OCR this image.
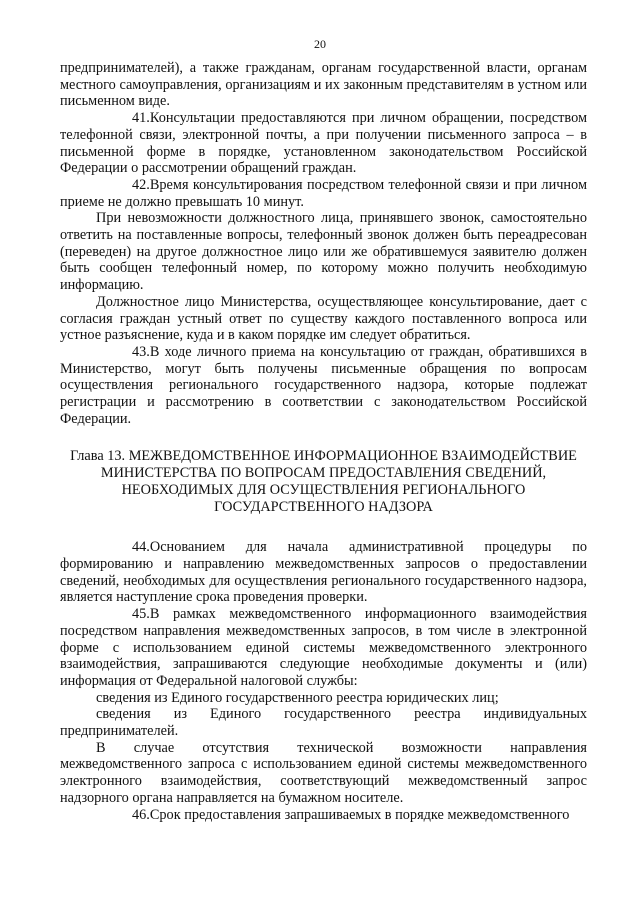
20

предпринимателей), а также гражданам, органам государственной власти, органам местного самоуправления, организациям и их законным представителям в устном или письменном виде.

41.Консультации предоставляются при личном обращении, посредством телефонной связи, электронной почты, а при получении письменного запроса – в письменной форме в порядке, установленном законодательством Российской Федерации о рассмотрении обращений граждан.

42.Время консультирования посредством телефонной связи и при личном приеме не должно превышать 10 минут.

При невозможности должностного лица, принявшего звонок, самостоятельно ответить на поставленные вопросы, телефонный звонок должен быть переадресован (переведен) на другое должностное лицо или же обратившемуся заявителю должен быть сообщен телефонный номер, по которому можно получить необходимую информацию.

Должностное лицо Министерства, осуществляющее консультирование, дает с согласия граждан устный ответ по существу каждого поставленного вопроса или устное разъяснение, куда и в каком порядке им следует обратиться.

43.В ходе личного приема на консультацию от граждан, обратившихся в Министерство, могут быть получены письменные обращения по вопросам осуществления регионального государственного надзора, которые подлежат регистрации и рассмотрению в соответствии с законодательством Российской Федерации.

Глава 13. МЕЖВЕДОМСТВЕННОЕ ИНФОРМАЦИОННОЕ ВЗАИМОДЕЙСТВИЕ МИНИСТЕРСТВА ПО ВОПРОСАМ ПРЕДОСТАВЛЕНИЯ СВЕДЕНИЙ, НЕОБХОДИМЫХ ДЛЯ ОСУЩЕСТВЛЕНИЯ РЕГИОНАЛЬНОГО ГОСУДАРСТВЕННОГО НАДЗОРА

44.Основанием для начала административной процедуры по формированию и направлению межведомственных запросов о предоставлении сведений, необходимых для осуществления регионального государственного надзора, является наступление срока проведения проверки.

45.В рамках межведомственного информационного взаимодействия посредством направления межведомственных запросов, в том числе в электронной форме с использованием единой системы межведомственного электронного взаимодействия, запрашиваются следующие необходимые документы и (или) информация от Федеральной налоговой службы:

сведения из Единого государственного реестра юридических лиц;

сведения из Единого государственного реестра индивидуальных предпринимателей.

В случае отсутствия технической возможности направления межведомственного запроса с использованием единой системы межведомственного электронного взаимодействия, соответствующий межведомственный запрос надзорного органа направляется на бумажном носителе.

46.Срок предоставления запрашиваемых в порядке межведомственного
